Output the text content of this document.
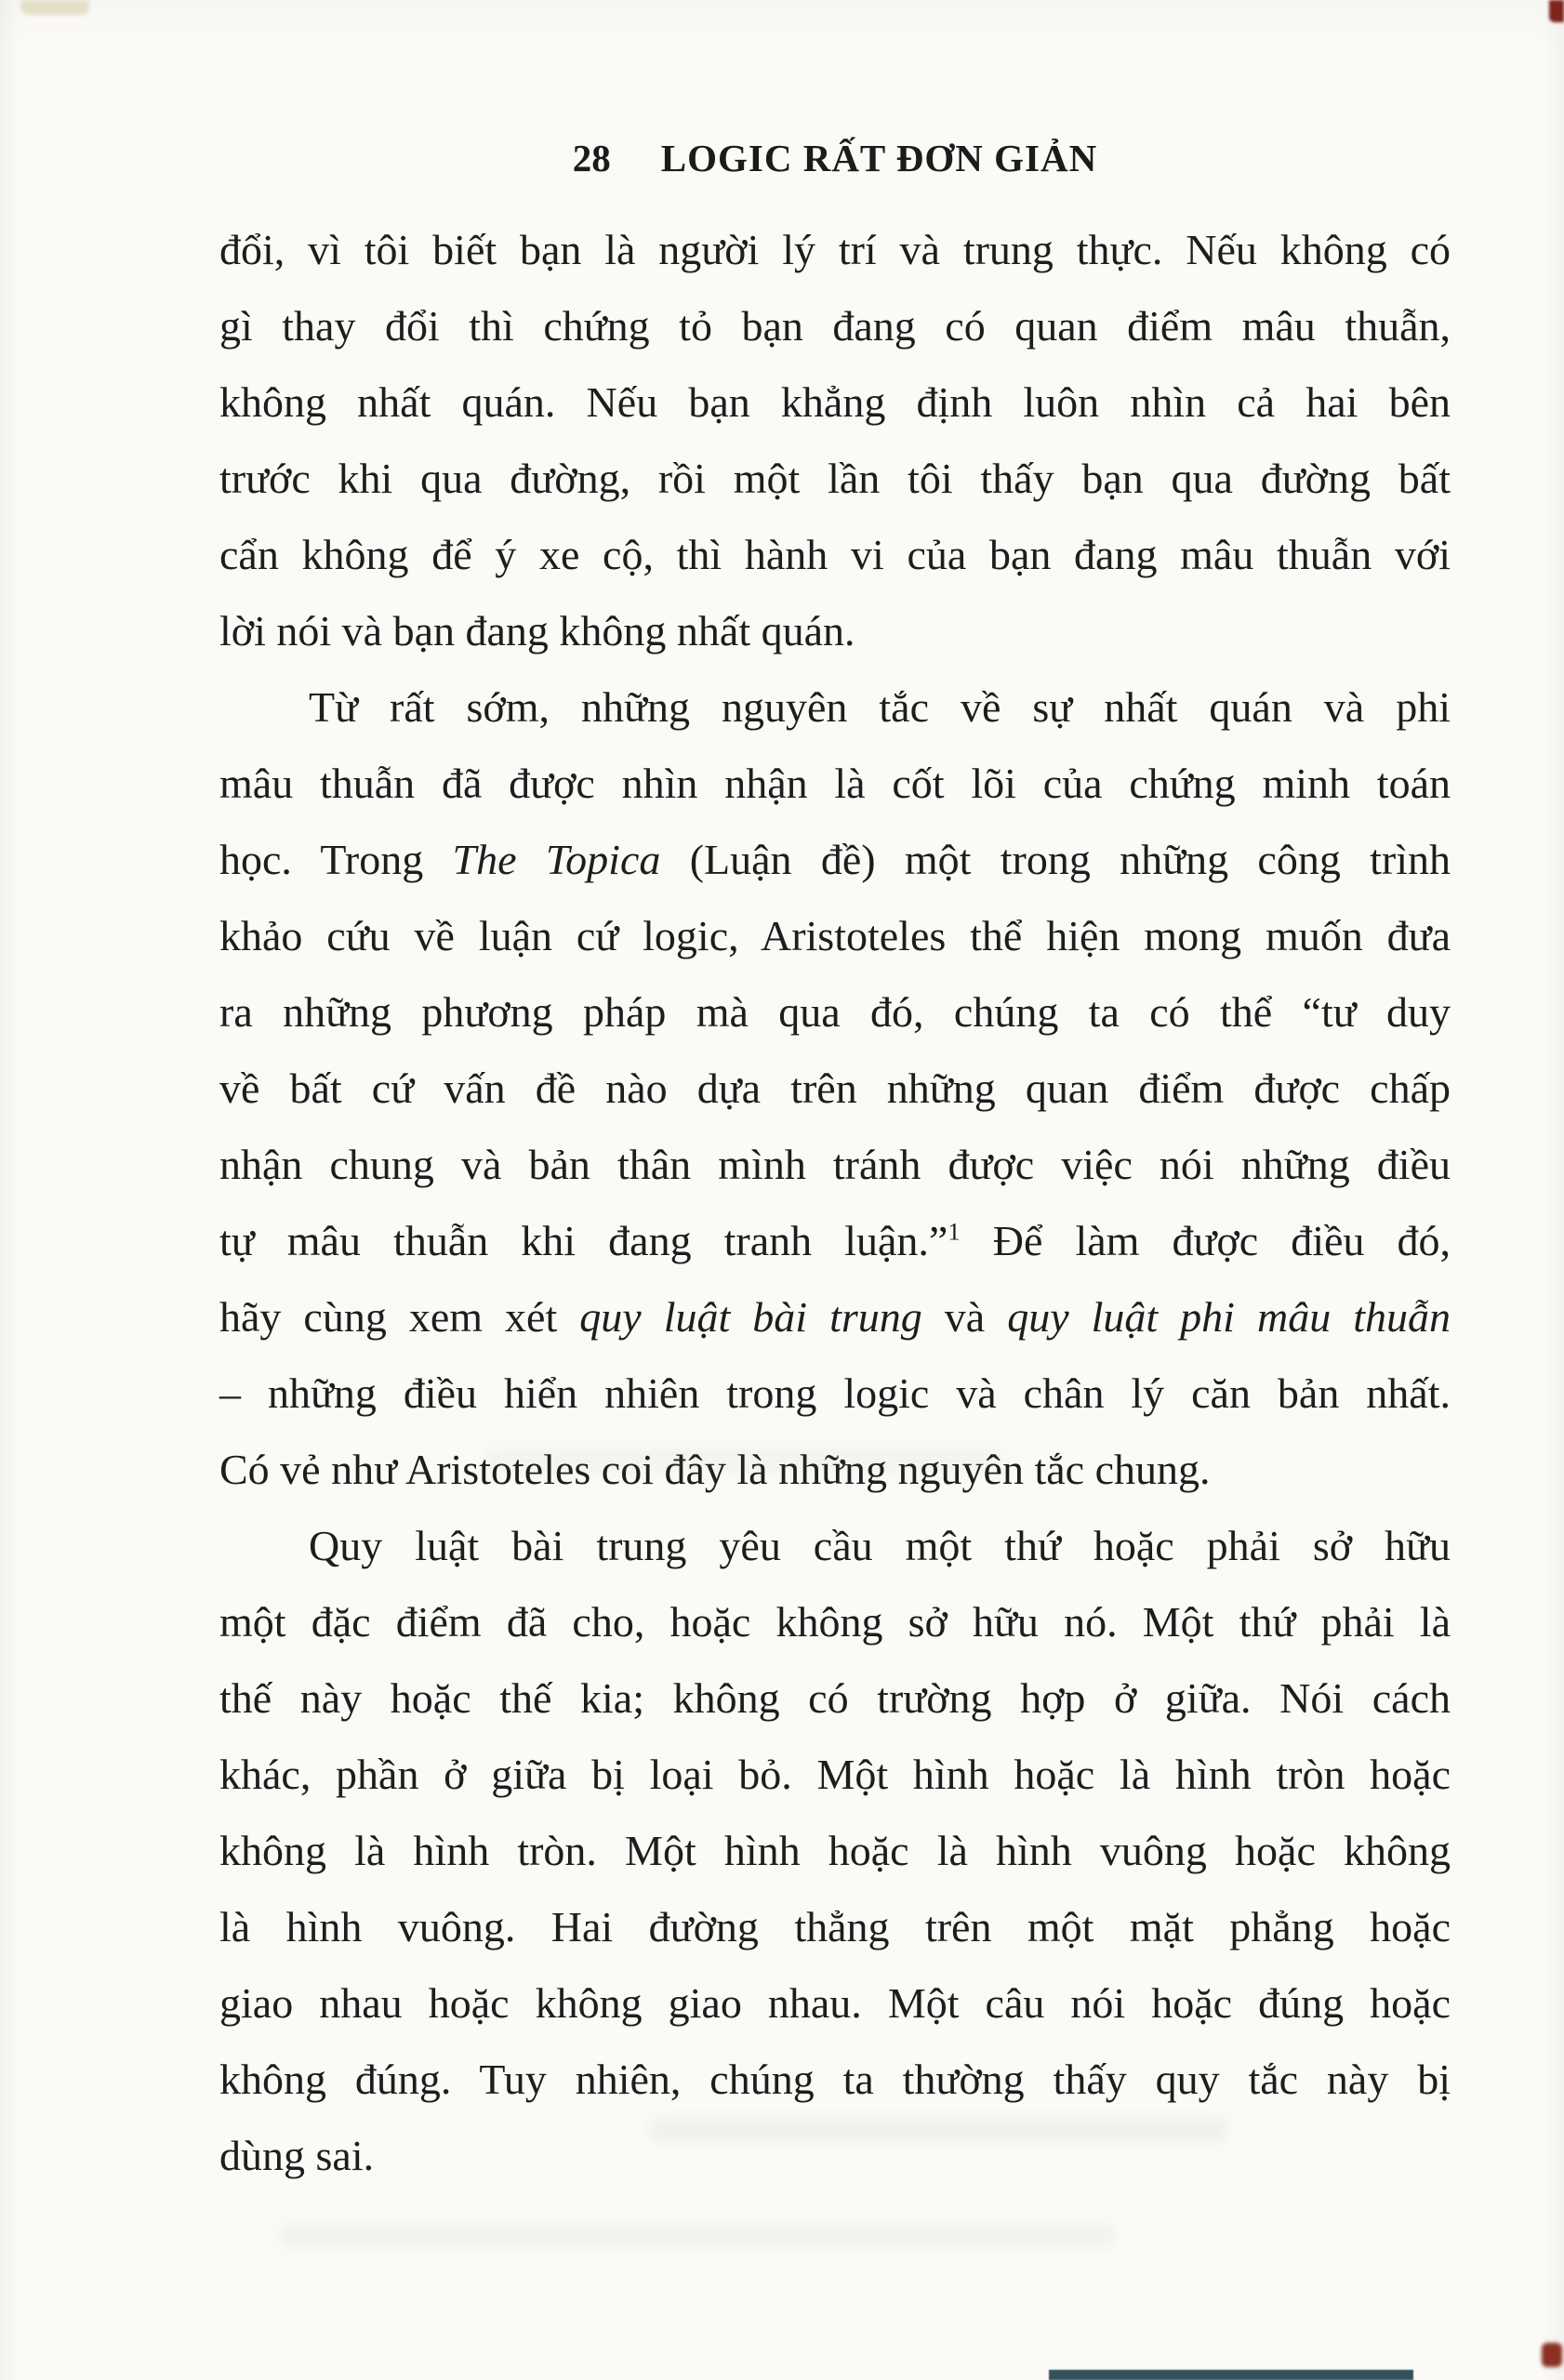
28 LOGIC RẤT ĐƠN GIẢN
đổi, vì tôi biết bạn là người lý trí và trung thực. Nếu không có
gì thay đổi thì chứng tỏ bạn đang có quan điểm mâu thuẫn,
không nhất quán. Nếu bạn khẳng định luôn nhìn cả hai bên
trước khi qua đường, rồi một lần tôi thấy bạn qua đường bất
cẩn không để ý xe cộ, thì hành vi của bạn đang mâu thuẫn với
lời nói và bạn đang không nhất quán.
Từ rất sớm, những nguyên tắc về sự nhất quán và phi
mâu thuẫn đã được nhìn nhận là cốt lõi của chứng minh toán
học. Trong The Topica (Luận đề) một trong những công trình
khảo cứu về luận cứ logic, Aristoteles thể hiện mong muốn đưa
ra những phương pháp mà qua đó, chúng ta có thể “tư duy
về bất cứ vấn đề nào dựa trên những quan điểm được chấp
nhận chung và bản thân mình tránh được việc nói những điều
tự mâu thuẫn khi đang tranh luận.”$^1$ Để làm được điều đó,
hãy cùng xem xét quy luật bài trung và quy luật phi mâu thuẫn
– những điều hiển nhiên trong logic và chân lý căn bản nhất.
Có vẻ như Aristoteles coi đây là những nguyên tắc chung.
Quy luật bài trung yêu cầu một thứ hoặc phải sở hữu
một đặc điểm đã cho, hoặc không sở hữu nó. Một thứ phải là
thế này hoặc thế kia; không có trường hợp ở giữa. Nói cách
khác, phần ở giữa bị loại bỏ. Một hình hoặc là hình tròn hoặc
không là hình tròn. Một hình hoặc là hình vuông hoặc không
là hình vuông. Hai đường thẳng trên một mặt phẳng hoặc
giao nhau hoặc không giao nhau. Một câu nói hoặc đúng hoặc
không đúng. Tuy nhiên, chúng ta thường thấy quy tắc này bị
dùng sai.
